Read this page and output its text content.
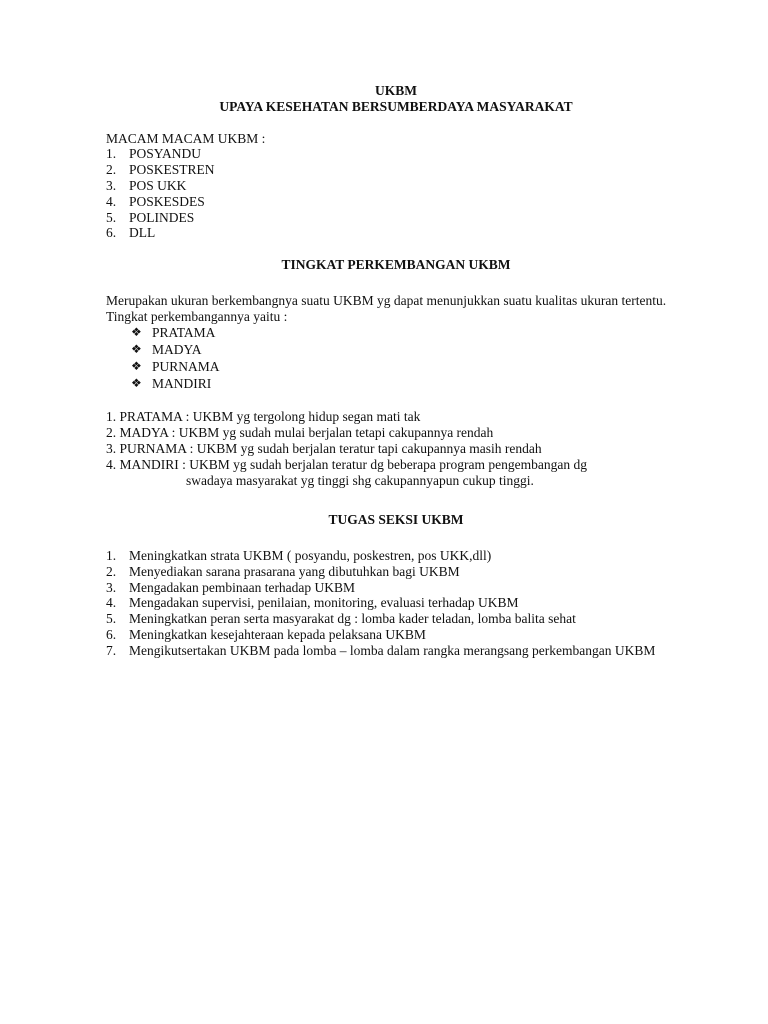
UKBM
UPAYA KESEHATAN BERSUMBERDAYA MASYARAKAT
MACAM MACAM UKBM :
1. POSYANDU
2. POSKESTREN
3. POS UKK
4. POSKESDES
5. POLINDES
6. DLL
TINGKAT PERKEMBANGAN UKBM

Merupakan ukuran berkembangnya suatu UKBM yg dapat menunjukkan suatu kualitas ukuran tertentu.

Tingkat perkembangannya yaitu :

❖ PRATAMA
❖ MADYA
❖ PURNAMA
❖ MANDIRI
1. PRATAMA : UKBM yg tergolong hidup segan mati tak
2. MADYA : UKBM yg sudah mulai berjalan tetapi cakupannya rendah
3. PURNAMA : UKBM yg sudah berjalan teratur tapi cakupannya masih rendah
4. MANDIRI : UKBM yg sudah berjalan teratur dg beberapa program pengembangan dg
swadaya masyarakat yg tinggi shg cakupannyapun cukup tinggi.
TUGAS SEKSI UKBM
1. Meningkatkan strata UKBM ( posyandu, poskestren, pos UKK,dll)
2. Menyediakan sarana prasarana yang dibutuhkan bagi UKBM
3. Mengadakan pembinaan terhadap UKBM
4. Mengadakan supervisi, penilaian, monitoring, evaluasi terhadap UKBM
5. Meningkatkan peran serta masyarakat dg : lomba kader teladan, lomba balita sehat
6. Meningkatkan kesejahteraan kepada pelaksana UKBM
7. Mengikutsertakan UKBM pada lomba – lomba dalam rangka merangsang perkembangan UKBM
